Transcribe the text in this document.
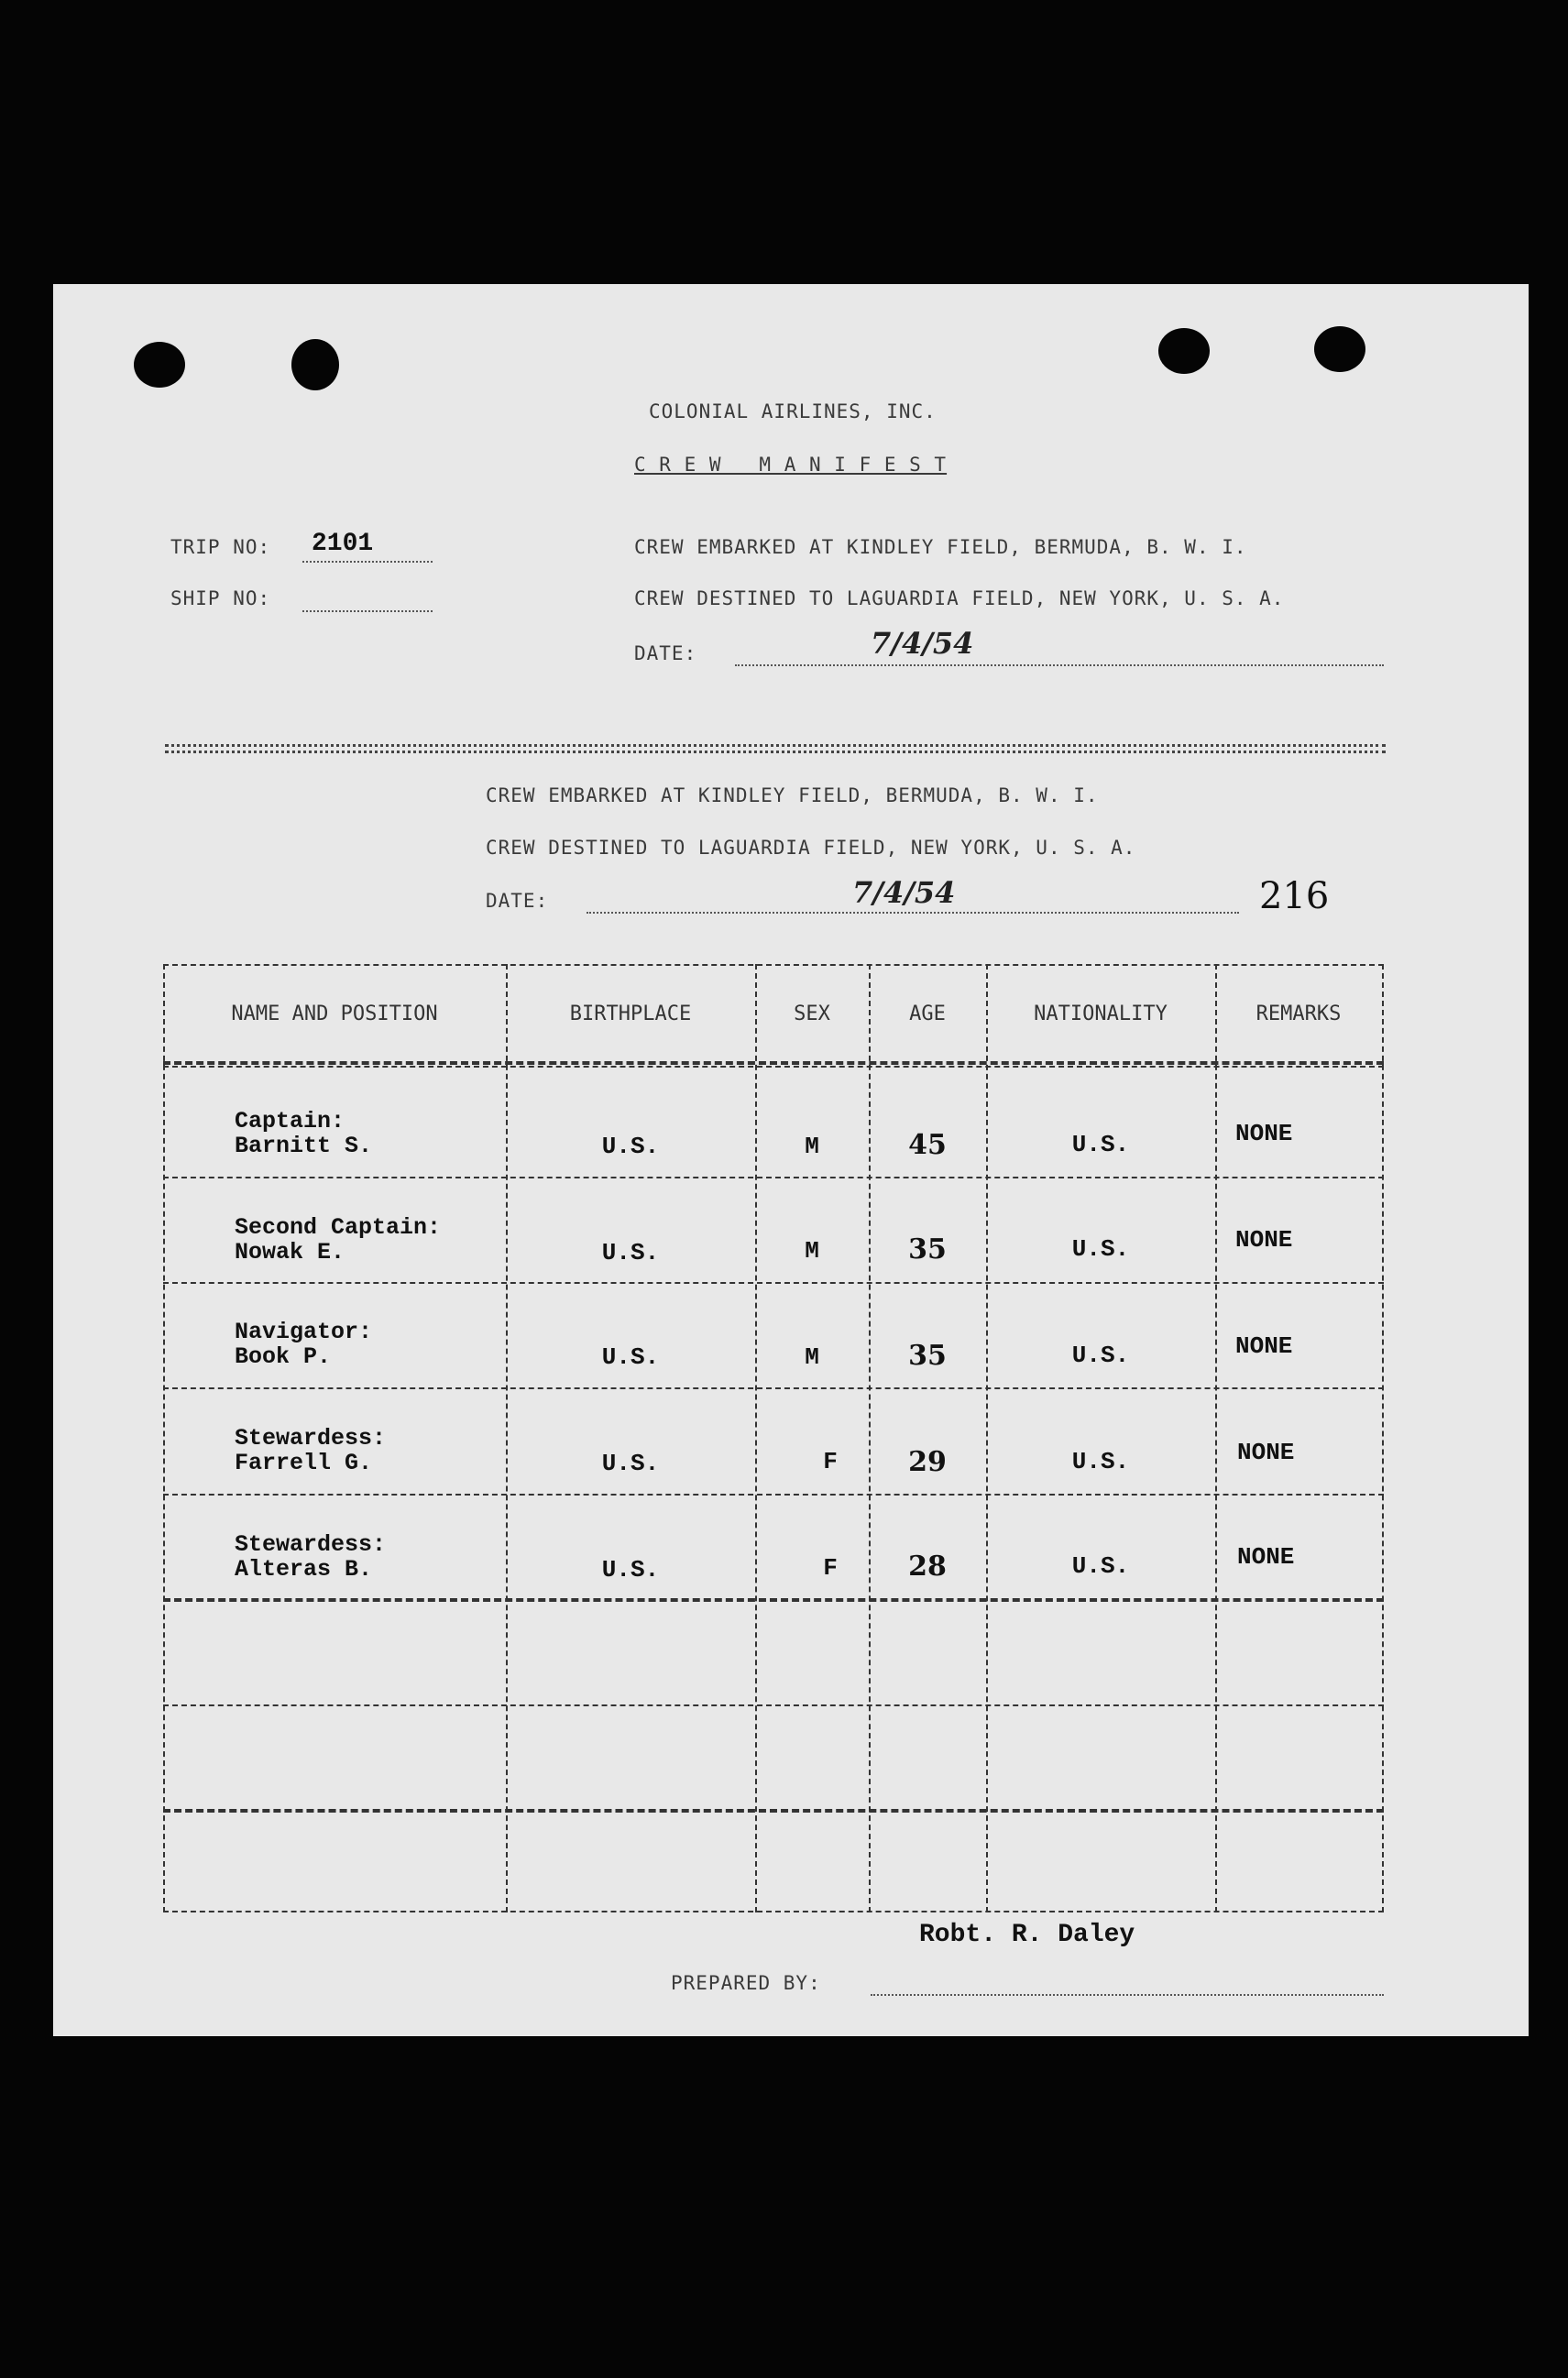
COLONIAL AIRLINES, INC.
C R E W   M A N I F E S T
TRIP NO: 2101
SHIP NO:
CREW EMBARKED AT KINDLEY FIELD, BERMUDA, B. W. I.
CREW DESTINED TO LAGUARDIA FIELD, NEW YORK, U. S. A.
DATE:	7/4/54
CREW EMBARKED AT KINDLEY FIELD, BERMUDA, B. W. I.
CREW DESTINED TO LAGUARDIA FIELD, NEW YORK, U. S. A.
DATE:	7/4/54	216
NAME AND POSITION	BIRTHPLACE	SEX	AGE	NATIONALITY	REMARKS
Captain:
Barnitt S.	U.S.	M	45	U.S.	NONE
Second Captain:
Nowak E.	U.S.	M	35	U.S.	NONE
Navigator:
Book P.	U.S.	M	35	U.S.	NONE
Stewardess:
Farrell G.	U.S.	F	29	U.S.	NONE
Stewardess:
Alteras B.	U.S.	F	28	U.S.	NONE
Robt. R. Daley
PREPARED BY:
